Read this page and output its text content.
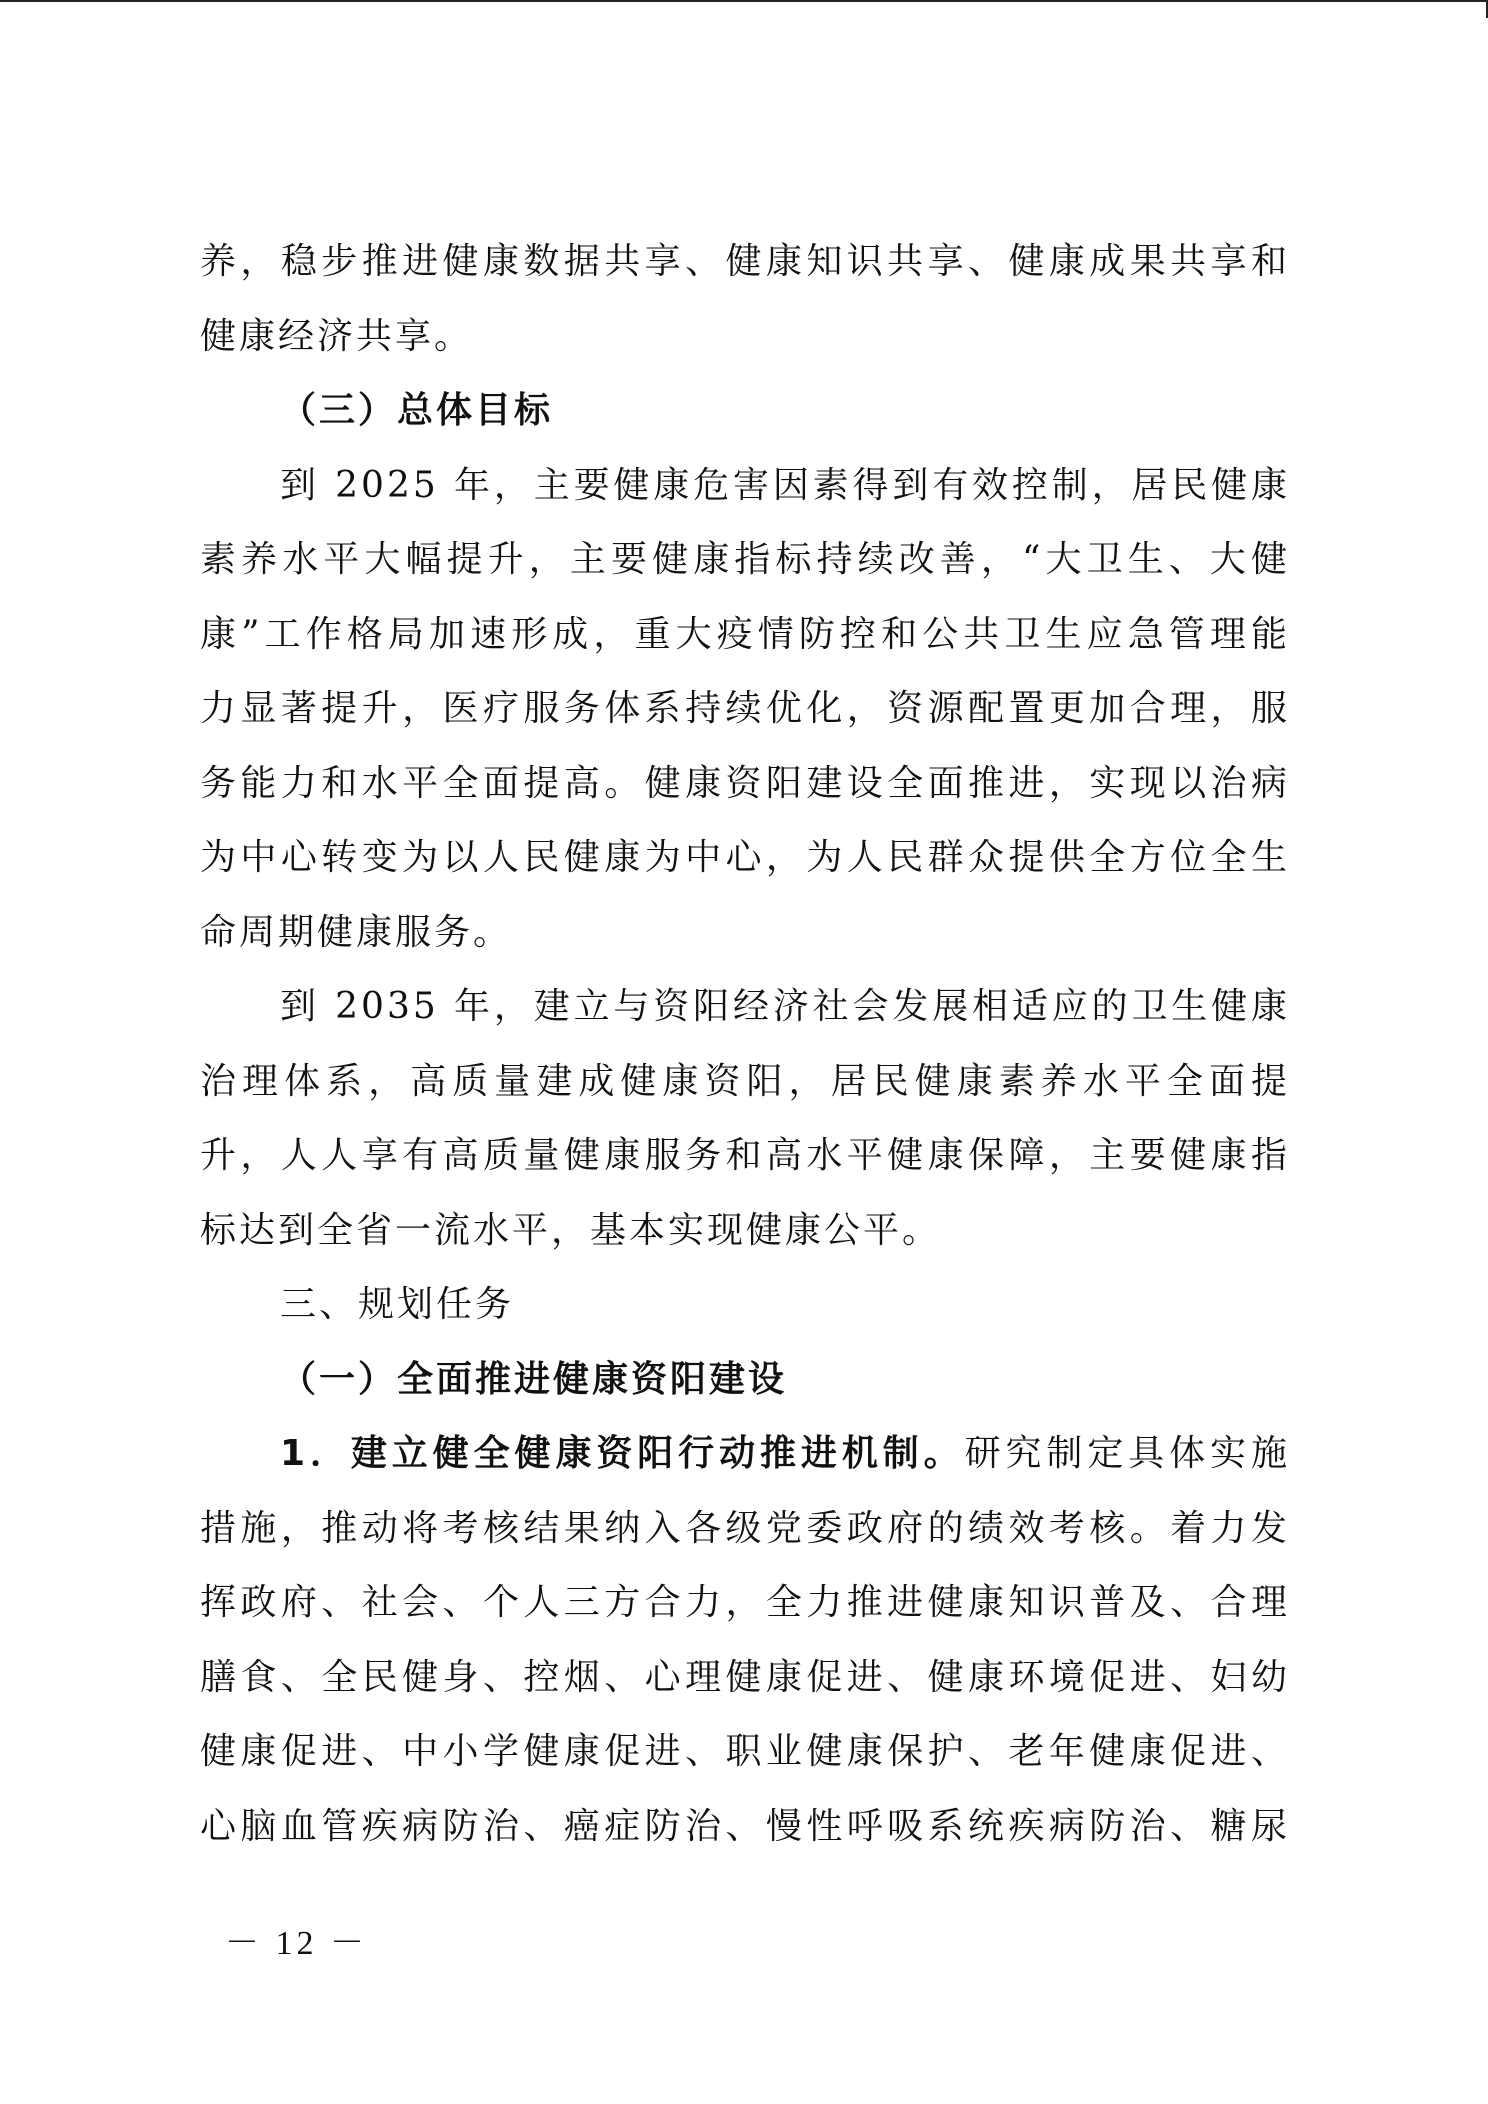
养，稳步推进健康数据共享、健康知识共享、健康成果共享和
健康经济共享。
（三）总体目标
到 2025 年，主要健康危害因素得到有效控制，居民健康
素养水平大幅提升，主要健康指标持续改善，“大卫生、大健
康”工作格局加速形成，重大疫情防控和公共卫生应急管理能
力显著提升，医疗服务体系持续优化，资源配置更加合理，服
务能力和水平全面提高。健康资阳建设全面推进，实现以治病
为中心转变为以人民健康为中心，为人民群众提供全方位全生
命周期健康服务。
到 2035 年，建立与资阳经济社会发展相适应的卫生健康
治理体系，高质量建成健康资阳，居民健康素养水平全面提
升，人人享有高质量健康服务和高水平健康保障，主要健康指
标达到全省一流水平，基本实现健康公平。
三、规划任务
（一）全面推进健康资阳建设
1．建立健全健康资阳行动推进机制。研究制定具体实施
措施，推动将考核结果纳入各级党委政府的绩效考核。着力发
挥政府、社会、个人三方合力，全力推进健康知识普及、合理
膳食、全民健身、控烟、心理健康促进、健康环境促进、妇幼
健康促进、中小学健康促进、职业健康保护、老年健康促进、
心脑血管疾病防治、癌症防治、慢性呼吸系统疾病防治、糖尿
－ 12 －
